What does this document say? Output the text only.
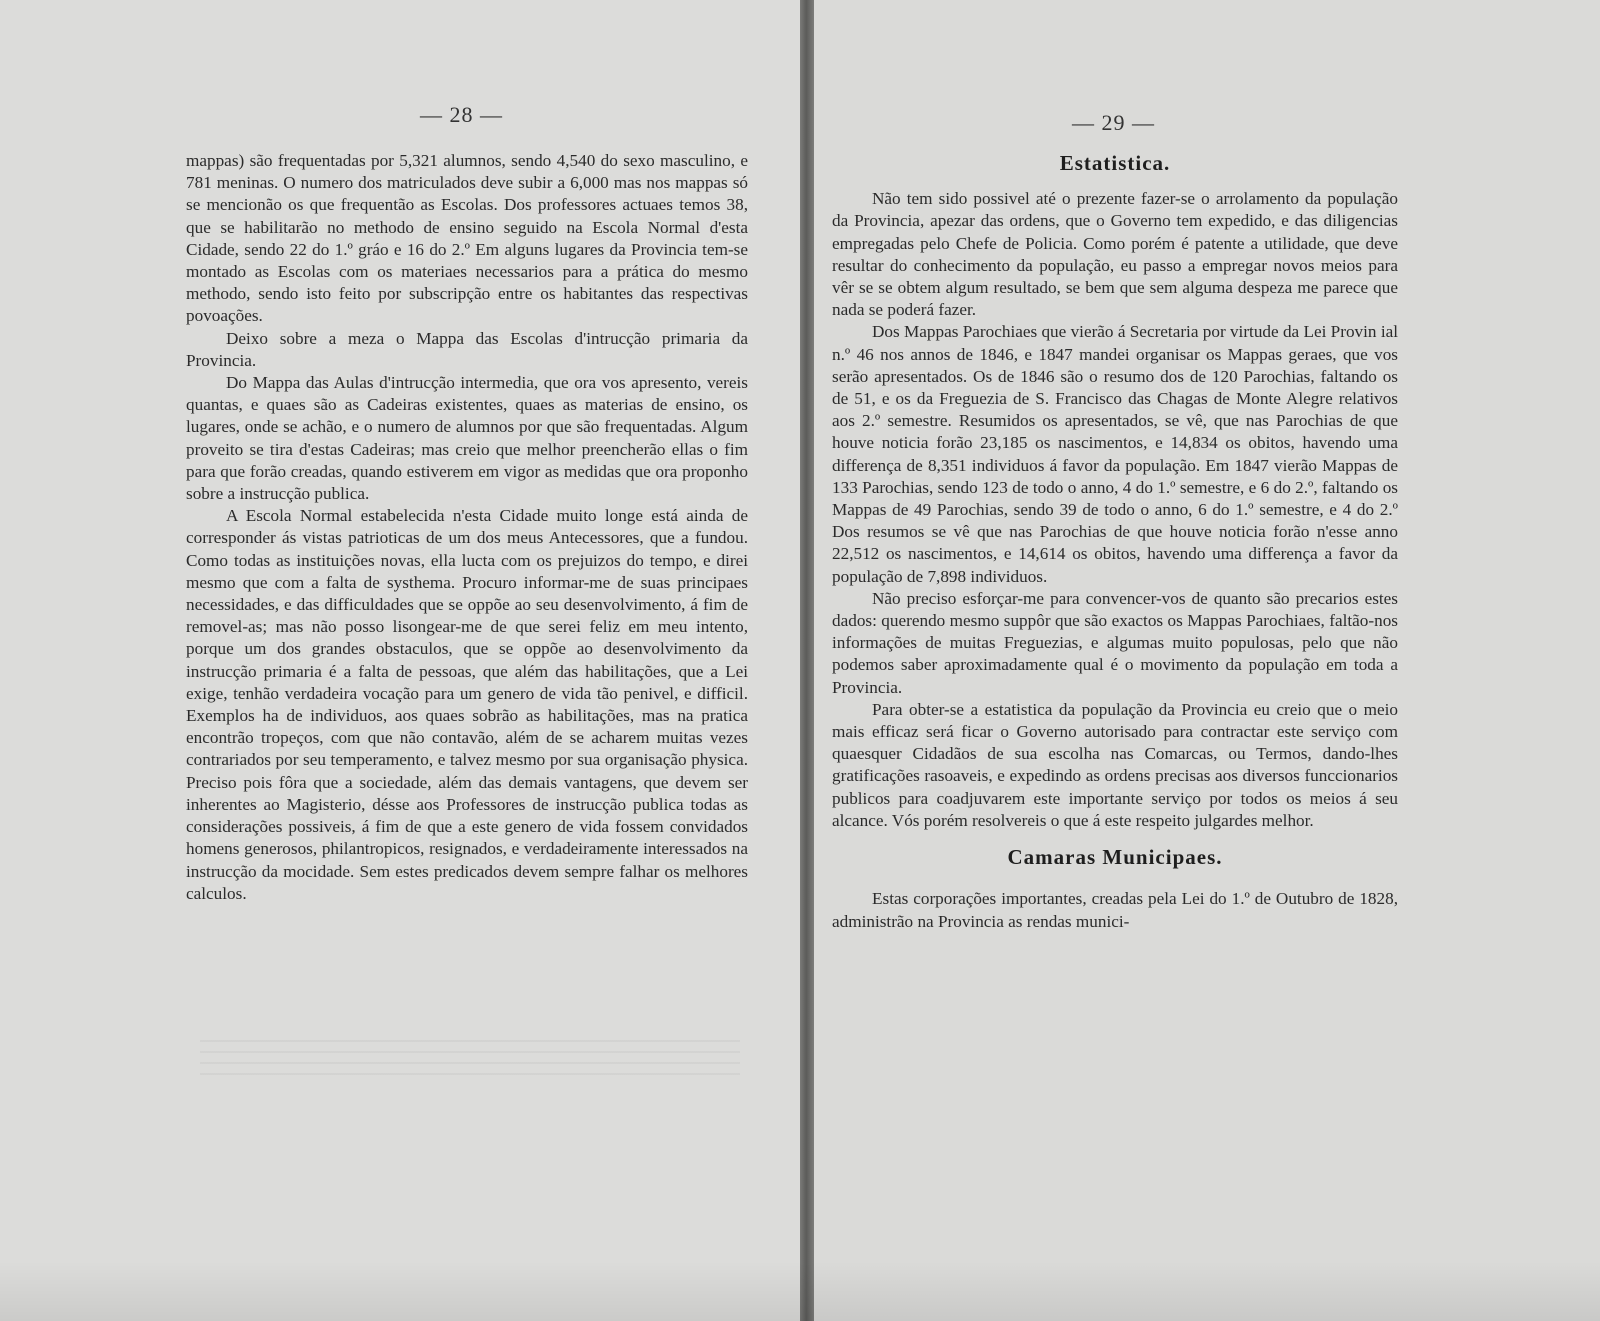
— 28 —

mappas) são frequentadas por 5,321 alumnos, sendo 4,540 do sexo masculino, e 781 meninas. O numero dos matriculados deve subir a 6,000 mas nos mappas só se mencionão os que frequentão as Escolas. Dos professores actuaes temos 38, que se habilitarão no methodo de ensino seguido na Escola Normal d'esta Cidade, sendo 22 do 1.º gráo e 16 do 2.º Em alguns lugares da Provincia tem-se montado as Escolas com os materiaes necessarios para a prática do mesmo methodo, sendo isto feito por subscripção entre os habitantes das respectivas povoações.

Deixo sobre a meza o Mappa das Escolas d'intrucção primaria da Provincia.

Do Mappa das Aulas d'intrucção intermedia, que ora vos apresento, vereis quantas, e quaes são as Cadeiras existentes, quaes as materias de ensino, os lugares, onde se achão, e o numero de alumnos por que são frequentadas. Algum proveito se tira d'estas Cadeiras; mas creio que melhor preencherão ellas o fim para que forão creadas, quando estiverem em vigor as medidas que ora proponho sobre a instrucção publica.

A Escola Normal estabelecida n'esta Cidade muito longe está ainda de corresponder ás vistas patrioticas de um dos meus Antecessores, que a fundou. Como todas as instituições novas, ella lucta com os prejuizos do tempo, e direi mesmo que com a falta de systhema. Procuro informar-me de suas principaes necessidades, e das difficuldades que se oppõe ao seu desenvolvimento, á fim de removel-as; mas não posso lisongear-me de que serei feliz em meu intento, porque um dos grandes obstaculos, que se oppõe ao desenvolvimento da instrucção primaria é a falta de pessoas, que além das habilitações, que a Lei exige, tenhão verdadeira vocação para um genero de vida tão penivel, e difficil. Exemplos ha de individuos, aos quaes sobrão as habilitações, mas na pratica encontrão tropeços, com que não contavão, além de se acharem muitas vezes contrariados por seu temperamento, e talvez mesmo por sua organisação physica. Preciso pois fôra que a sociedade, além das demais vantagens, que devem ser inherentes ao Magisterio, désse aos Professores de instrucção publica todas as considerações possiveis, á fim de que a este genero de vida fossem convidados homens generosos, philantropicos, resignados, e verdadeiramente interessados na instrucção da mocidade. Sem estes predicados devem sempre falhar os melhores calculos.

— 29 —
Estatistica.

Não tem sido possivel até o prezente fazer-se o arrolamento da população da Provincia, apezar das ordens, que o Governo tem expedido, e das diligencias empregadas pelo Chefe de Policia. Como porém é patente a utilidade, que deve resultar do conhecimento da população, eu passo a empregar novos meios para vêr se se obtem algum resultado, se bem que sem alguma despeza me parece que nada se poderá fazer.

Dos Mappas Parochiaes que vierão á Secretaria por virtude da Lei Provin ial n.º 46 nos annos de 1846, e 1847 mandei organisar os Mappas geraes, que vos serão apresentados. Os de 1846 são o resumo dos de 120 Parochias, faltando os de 51, e os da Freguezia de S. Francisco das Chagas de Monte Alegre relativos aos 2.º semestre. Resumidos os apresentados, se vê, que nas Parochias de que houve noticia forão 23,185 os nascimentos, e 14,834 os obitos, havendo uma differença de 8,351 individuos á favor da população. Em 1847 vierão Mappas de 133 Parochias, sendo 123 de todo o anno, 4 do 1.º semestre, e 6 do 2.º, faltando os Mappas de 49 Parochias, sendo 39 de todo o anno, 6 do 1.º semestre, e 4 do 2.º Dos resumos se vê que nas Parochias de que houve noticia forão n'esse anno 22,512 os nascimentos, e 14,614 os obitos, havendo uma differença a favor da população de 7,898 individuos.

Não preciso esforçar-me para convencer-vos de quanto são precarios estes dados: querendo mesmo suppôr que são exactos os Mappas Parochiaes, faltão-nos informações de muitas Freguezias, e algumas muito populosas, pelo que não podemos saber aproximadamente qual é o movimento da população em toda a Provincia.

Para obter-se a estatistica da população da Provincia eu creio que o meio mais efficaz será ficar o Governo autorisado para contractar este serviço com quaesquer Cidadãos de sua escolha nas Comarcas, ou Termos, dando-lhes gratificações rasoaveis, e expedindo as ordens precisas aos diversos funccionarios publicos para coadjuvarem este importante serviço por todos os meios á seu alcance. Vós porém resolvereis o que á este respeito julgardes melhor.

Camaras Municipaes.

Estas corporações importantes, creadas pela Lei do 1.º de Outubro de 1828, administrão na Provincia as rendas munici-
